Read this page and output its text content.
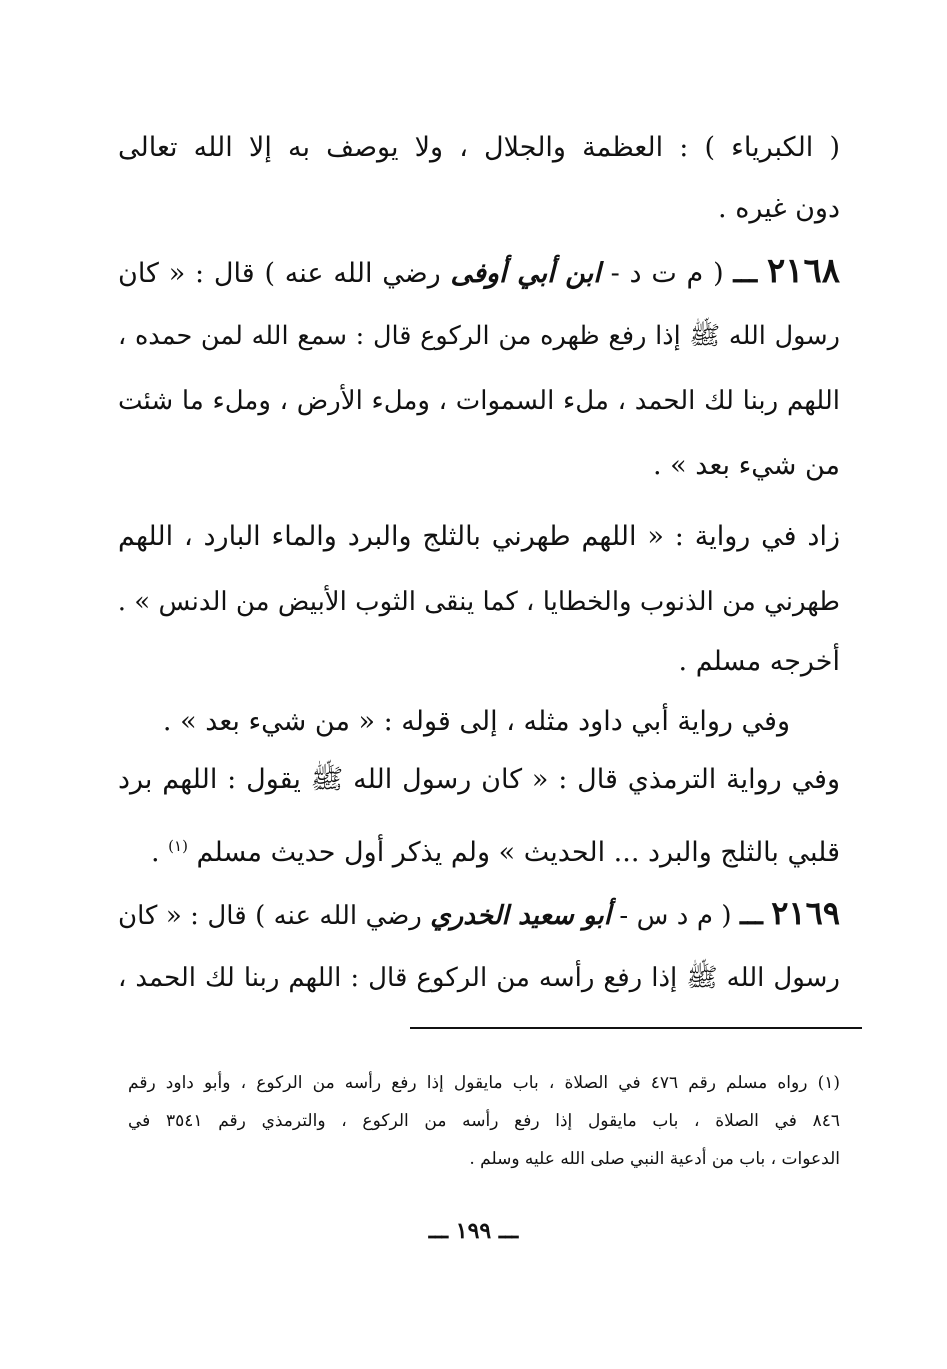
( الكبرياء ) : العظمة والجلال ، ولا يوصف به إلا الله تعالى
دون غيره .
٢١٦٨ ـــ ( م ت د - ابن أبي أوفى رضي الله عنه ) قال : « كان
رسول الله ﷺ إذا رفع ظهره من الركوع قال : سمع الله لمن حمده ،
اللهم ربنا لك الحمد ، ملء السموات ، وملء الأرض ، وملء ما شئت
من شيء بعد » .
زاد في رواية : « اللهم طهرني بالثلج والبرد والماء البارد ، اللهم
طهرني من الذنوب والخطايا ، كما ينقى الثوب الأبيض من الدنس » .
أخرجه مسلم .
وفي رواية أبي داود مثله ، إلى قوله : « من شيء بعد » .
وفي رواية الترمذي قال : « كان رسول الله ﷺ يقول : اللهم برد
قلبي بالثلج والبرد ... الحديث » ولم يذكر أول حديث مسلم $^{(١)}$ .
٢١٦٩ ـــ ( م د س - أبو سعيد الخدري رضي الله عنه ) قال : « كان
رسول الله ﷺ إذا رفع رأسه من الركوع قال : اللهم ربنا لك الحمد ،
(١) رواه مسلم رقم ٤٧٦ في الصلاة ، باب مايقول إذا رفع رأسه من الركوع ، وأبو داود رقم
٨٤٦ في الصلاة ، باب مايقول إذا رفع رأسه من الركوع ، والترمذي رقم ٣٥٤١ في
الدعوات ، باب من أدعية النبي صلى الله عليه وسلم .
ـــ ١٩٩ ـــ
